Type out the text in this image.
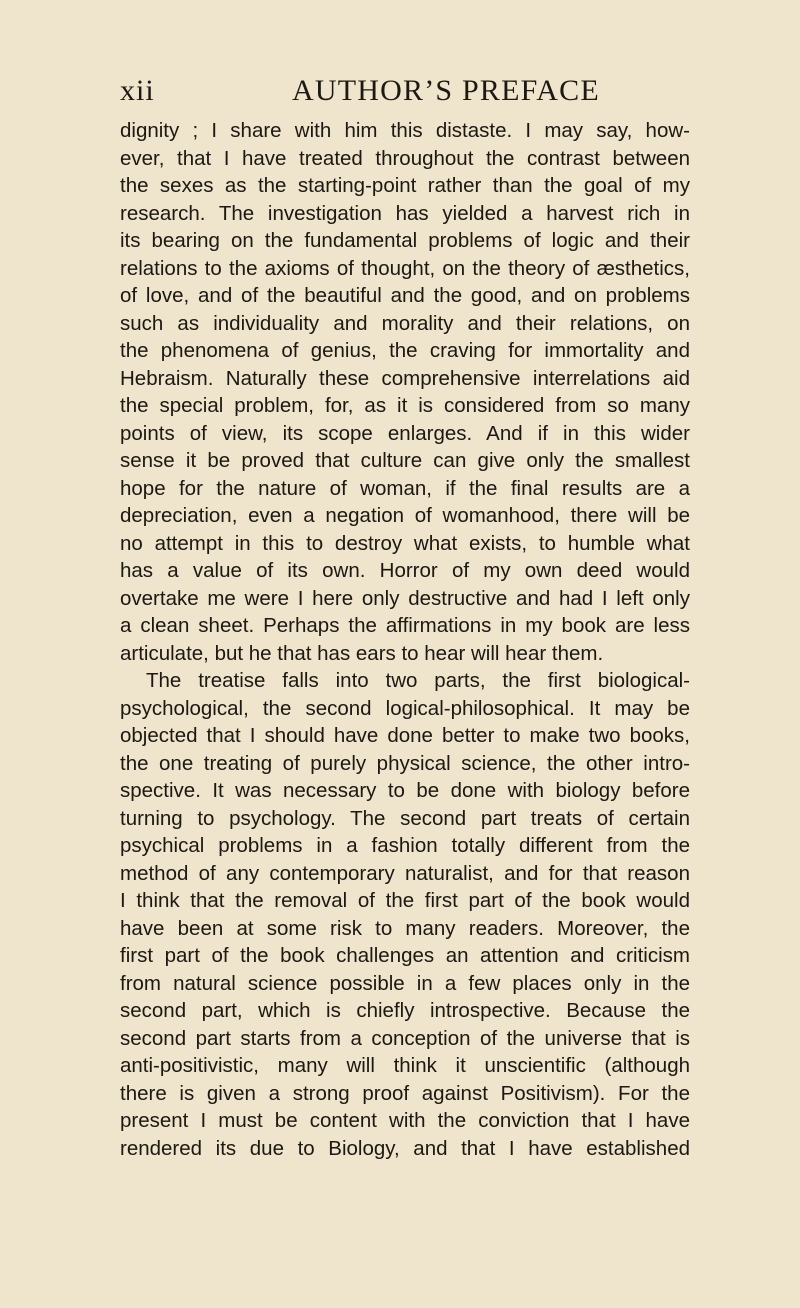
xii	AUTHOR’S PREFACE
dignity ; I share with him this distaste. I may say, how-
ever, that I have treated throughout the contrast between
the sexes as the starting-point rather than the goal of my
research. The investigation has yielded a harvest rich in
its bearing on the fundamental problems of logic and their
relations to the axioms of thought, on the theory of æsthetics,
of love, and of the beautiful and the good, and on problems
such as individuality and morality and their relations, on
the phenomena of genius, the craving for immortality and
Hebraism. Naturally these comprehensive interrelations aid
the special problem, for, as it is considered from so many
points of view, its scope enlarges. And if in this wider
sense it be proved that culture can give only the smallest
hope for the nature of woman, if the final results are a
depreciation, even a negation of womanhood, there will be
no attempt in this to destroy what exists, to humble what
has a value of its own. Horror of my own deed would
overtake me were I here only destructive and had I left only
a clean sheet. Perhaps the affirmations in my book are less
articulate, but he that has ears to hear will hear them.
The treatise falls into two parts, the first biological-
psychological, the second logical-philosophical. It may be
objected that I should have done better to make two books,
the one treating of purely physical science, the other intro-
spective. It was necessary to be done with biology before
turning to psychology. The second part treats of certain
psychical problems in a fashion totally different from the
method of any contemporary naturalist, and for that reason
I think that the removal of the first part of the book would
have been at some risk to many readers. Moreover, the
first part of the book challenges an attention and criticism
from natural science possible in a few places only in the
second part, which is chiefly introspective. Because the
second part starts from a conception of the universe that is
anti-positivistic, many will think it unscientific (although
there is given a strong proof against Positivism). For the
present I must be content with the conviction that I have
rendered its due to Biology, and that I have established
